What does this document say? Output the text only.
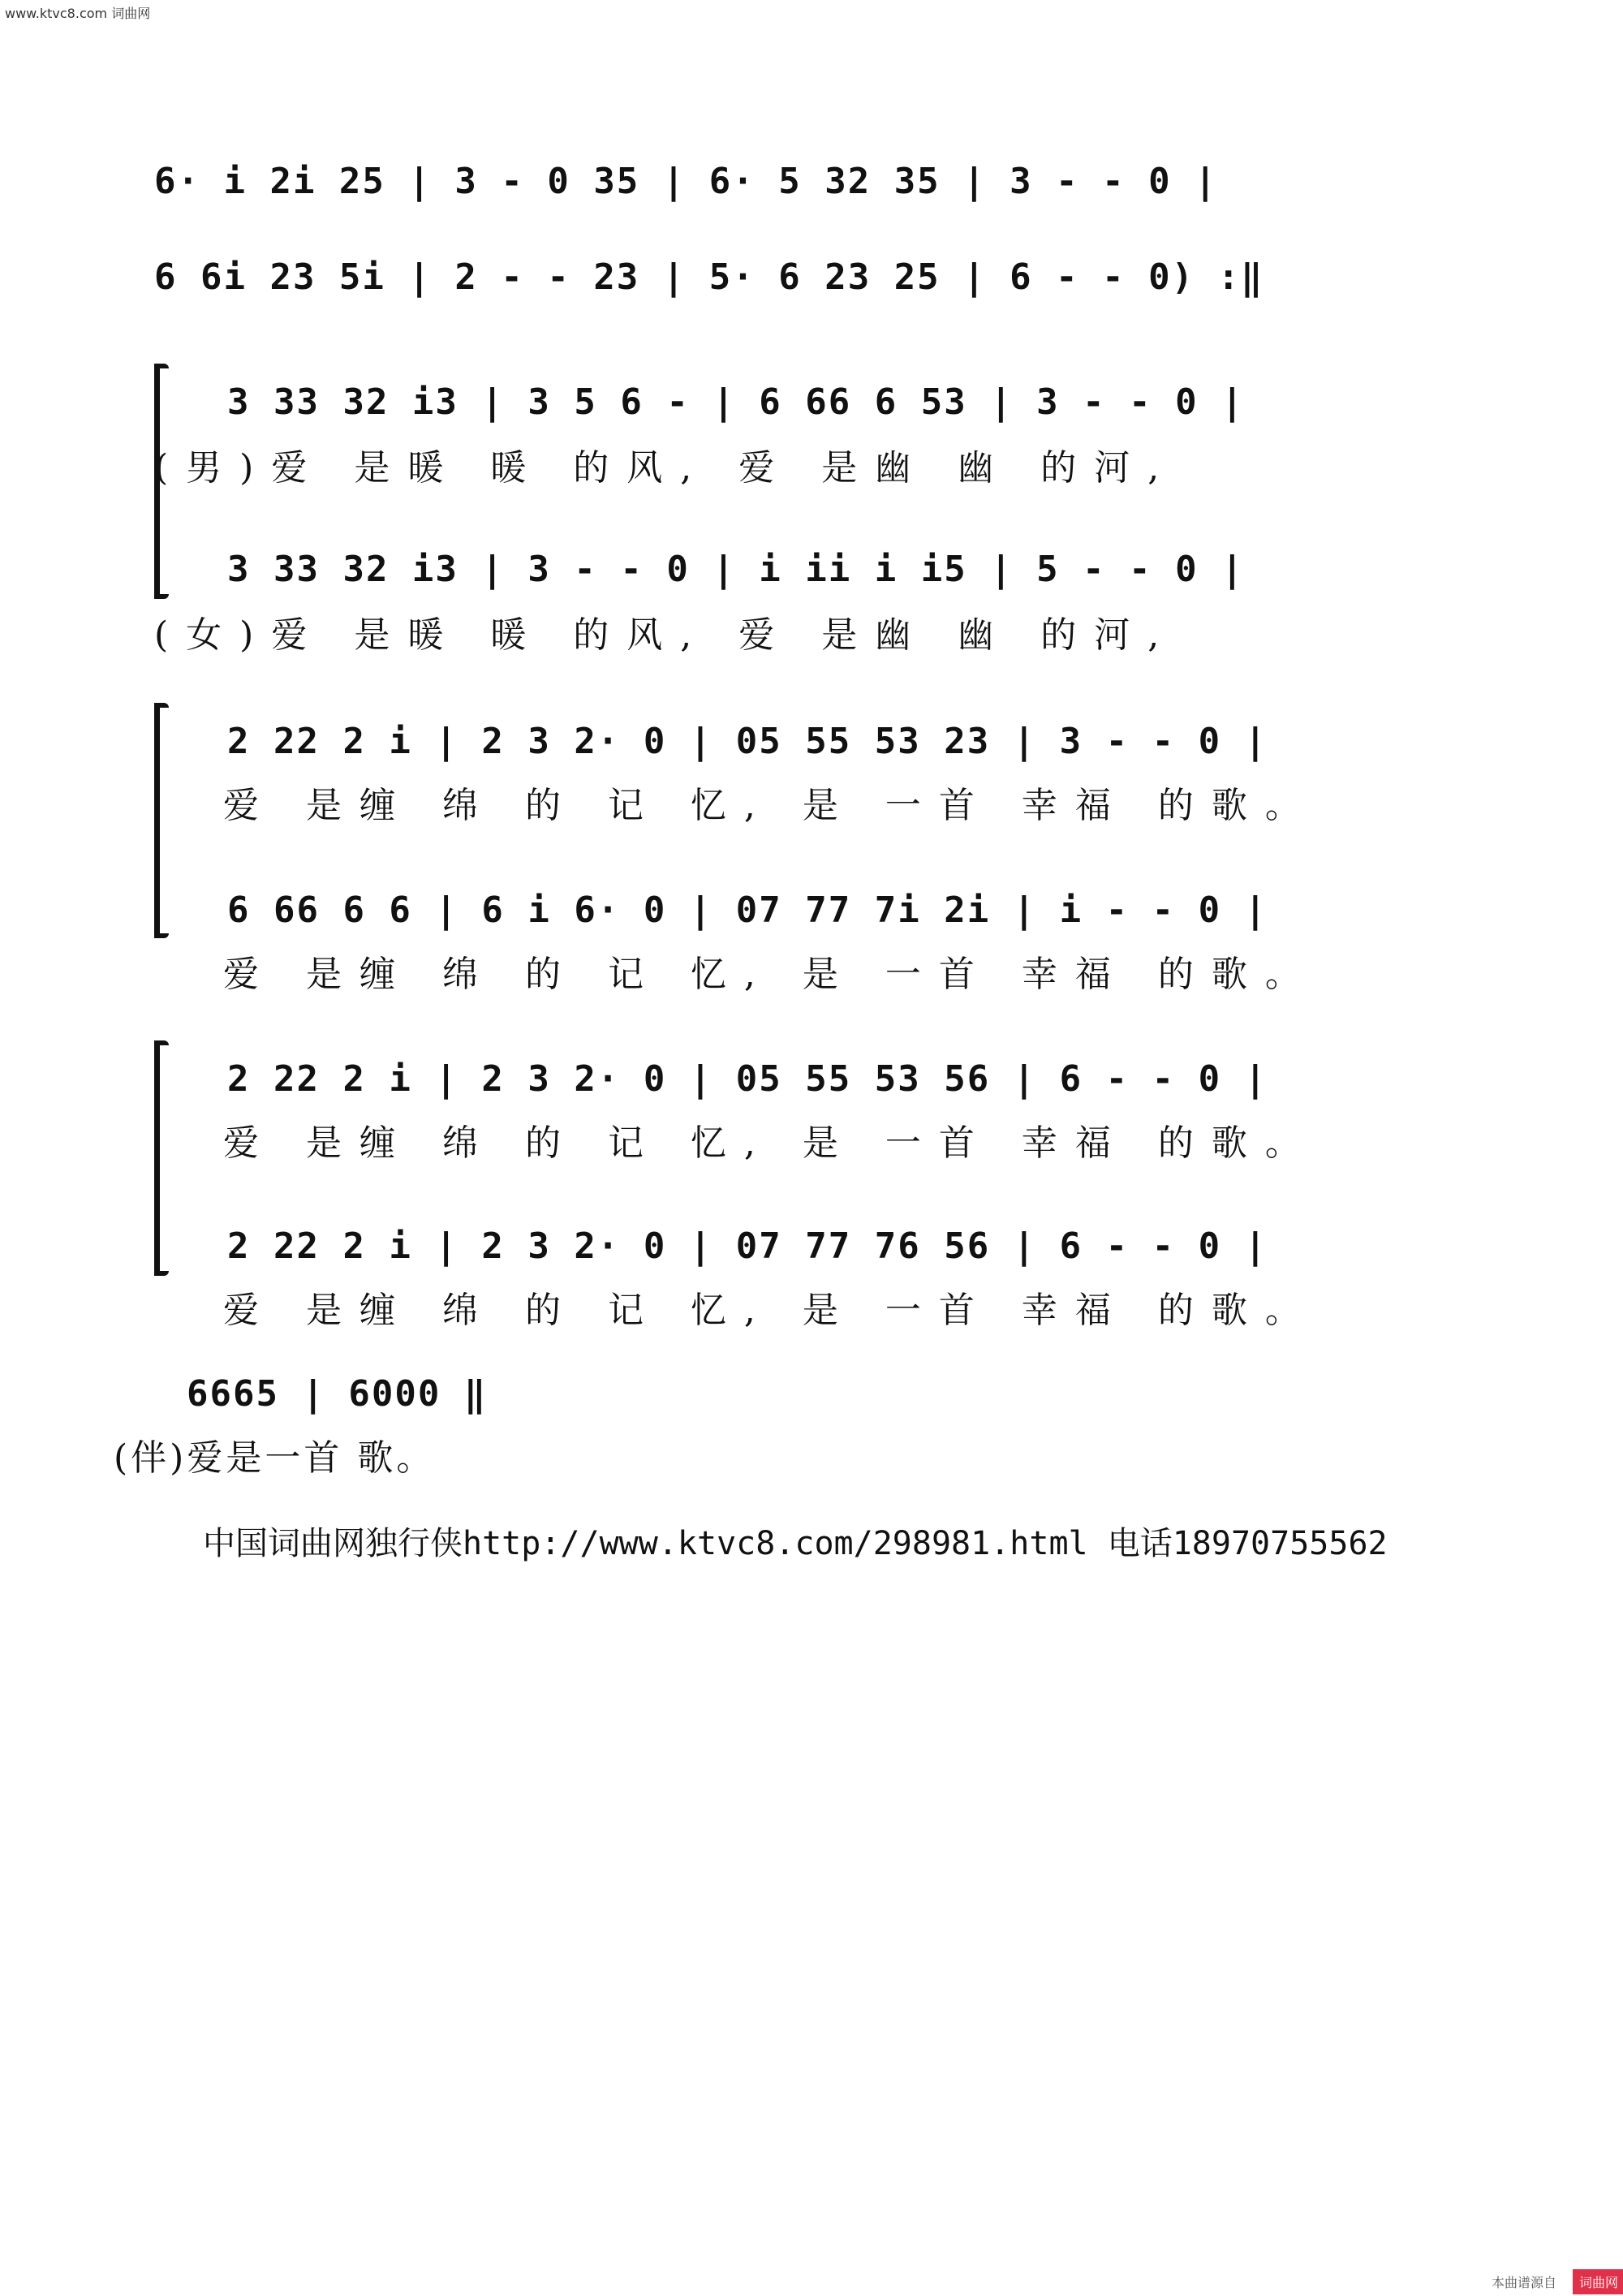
www.ktvc8.com 词曲网
6· i 2i 25 | 3 - 0 35 | 6· 5 32 35 | 3 - - 0 |
6 6i 23 5i | 2 - - 23 | 5· 6 23 25 | 6 - - 0) :‖
3 33 32 i3 | 3 5 6 - | 6 66 6 53 | 3 - - 0 |
(男)爱 是暖 暖 的风, 爱 是幽 幽 的河,
3 33 32 i3 | 3 - - 0 | i ii i i5 | 5 - - 0 |
(女)爱 是暖 暖 的风, 爱 是幽 幽 的河,
2 22 2 i | 2 3 2· 0 | 05 55 53 23 | 3 - - 0 |
爱 是缠 绵 的 记 忆, 是 一首 幸福 的歌。
6 66 6 6 | 6 i 6· 0 | 07 77 7i 2i | i - - 0 |
爱 是缠 绵 的 记 忆, 是 一首 幸福 的歌。
2 22 2 i | 2 3 2· 0 | 05 55 53 56 | 6 - - 0 |
爱 是缠 绵 的 记 忆, 是 一首 幸福 的歌。
2 22 2 i | 2 3 2· 0 | 07 77 76 56 | 6 - - 0 |
爱 是缠 绵 的 记 忆, 是 一首 幸福 的歌。
6665 | 6000 ‖
(伴)爱是一首 歌。
中国词曲网独行侠http://www.ktvc8.com/298981.html 电话18970755562
本曲谱源自	词曲网
